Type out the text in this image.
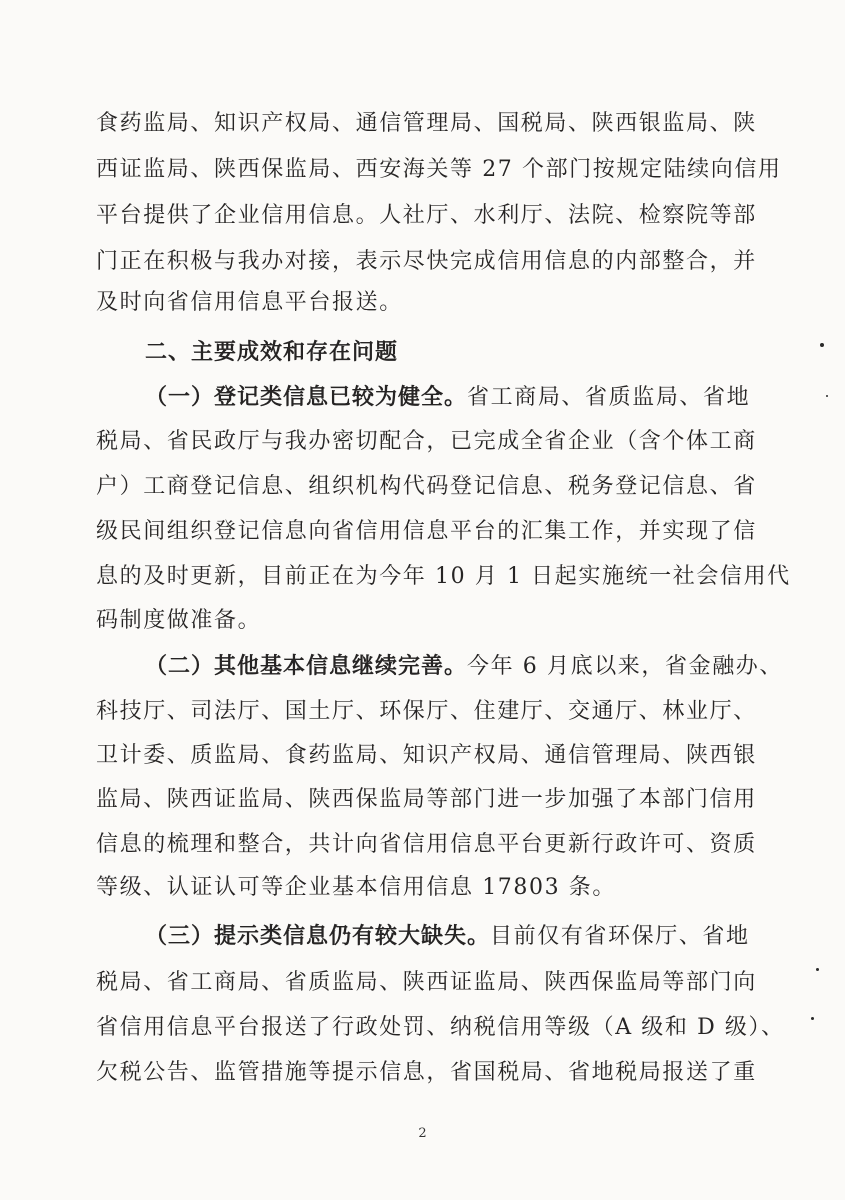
食药监局、知识产权局、通信管理局、国税局、陕西银监局、陕
西证监局、陕西保监局、西安海关等 27 个部门按规定陆续向信用
平台提供了企业信用信息。人社厅、水利厅、法院、检察院等部
门正在积极与我办对接，表示尽快完成信用信息的内部整合，并
及时向省信用信息平台报送。
二、主要成效和存在问题
（一）登记类信息已较为健全。省工商局、省质监局、省地
税局、省民政厅与我办密切配合，已完成全省企业（含个体工商
户）工商登记信息、组织机构代码登记信息、税务登记信息、省
级民间组织登记信息向省信用信息平台的汇集工作，并实现了信
息的及时更新，目前正在为今年 10 月 1 日起实施统一社会信用代
码制度做准备。
（二）其他基本信息继续完善。今年 6 月底以来，省金融办、
科技厅、司法厅、国土厅、环保厅、住建厅、交通厅、林业厅、
卫计委、质监局、食药监局、知识产权局、通信管理局、陕西银
监局、陕西证监局、陕西保监局等部门进一步加强了本部门信用
信息的梳理和整合，共计向省信用信息平台更新行政许可、资质
等级、认证认可等企业基本信用信息 17803 条。
（三）提示类信息仍有较大缺失。目前仅有省环保厅、省地
税局、省工商局、省质监局、陕西证监局、陕西保监局等部门向
省信用信息平台报送了行政处罚、纳税信用等级（A 级和 D 级）、
欠税公告、监管措施等提示信息，省国税局、省地税局报送了重
2
